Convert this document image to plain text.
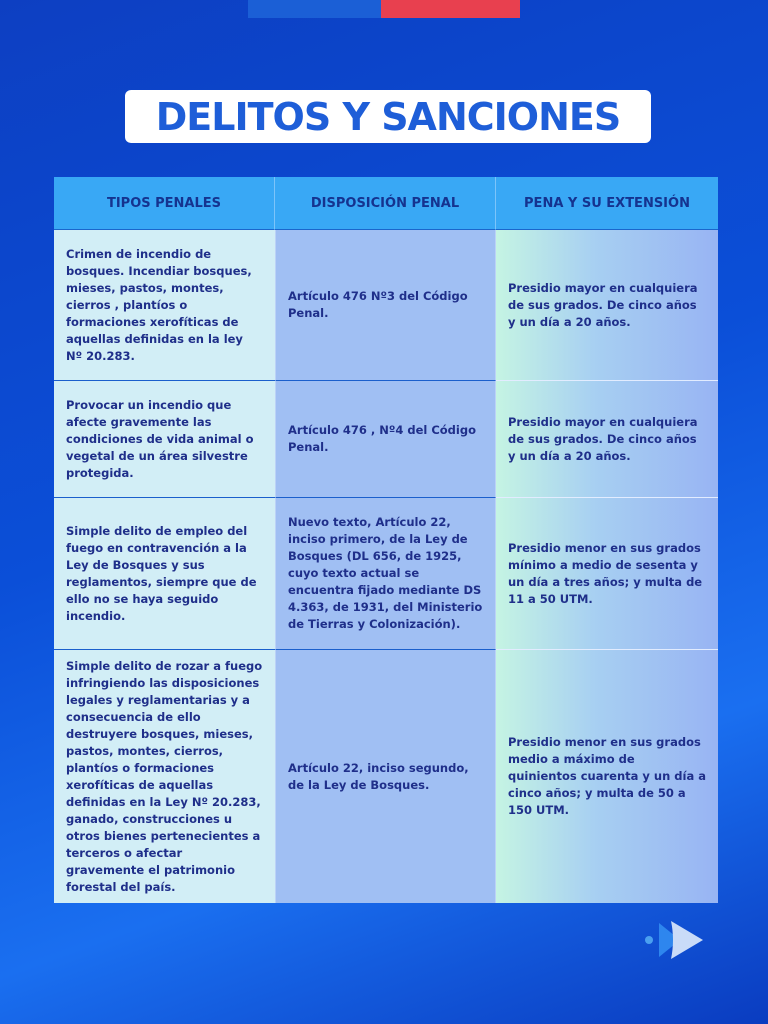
DELITOS Y SANCIONES
TIPOS PENALES	DISPOSICIÓN PENAL	PENA Y SU EXTENSIÓN
Crimen de incendio de bosques. Incendiar bosques, mieses, pastos, montes, cierros , plantíos o formaciones xerofíticas de aquellas definidas en la ley Nº 20.283.
Artículo 476 Nº3 del Código Penal.
Presidio mayor en cualquiera de sus grados. De cinco años y un día a 20 años.
Provocar un incendio que afecte gravemente las condiciones de vida animal o vegetal de un área silvestre protegida.
Artículo 476 , Nº4 del Código Penal.
Presidio mayor en cualquiera de sus grados. De cinco años y un día a 20 años.
Simple delito de empleo del fuego en contravención a la Ley de Bosques y sus reglamentos, siempre que de ello no se haya seguido incendio.
Nuevo texto, Artículo 22, inciso primero, de la Ley de Bosques (DL 656, de 1925, cuyo texto actual se encuentra fijado mediante DS 4.363, de 1931, del Ministerio de Tierras y Colonización).
Presidio menor en sus grados mínimo a medio de sesenta y un día a tres años; y multa de 11 a 50 UTM.
Simple delito de rozar a fuego infringiendo las disposiciones legales y reglamentarias y a consecuencia de ello destruyere bosques, mieses, pastos, montes, cierros, plantíos o formaciones xerofíticas de aquellas definidas en la Ley Nº 20.283, ganado, construcciones u otros bienes pertenecientes a terceros o afectar gravemente el patrimonio forestal del país.
Artículo 22, inciso segundo, de la Ley de Bosques.
Presidio menor en sus grados medio a máximo de quinientos cuarenta y un día a cinco años; y multa de 50 a 150 UTM.
